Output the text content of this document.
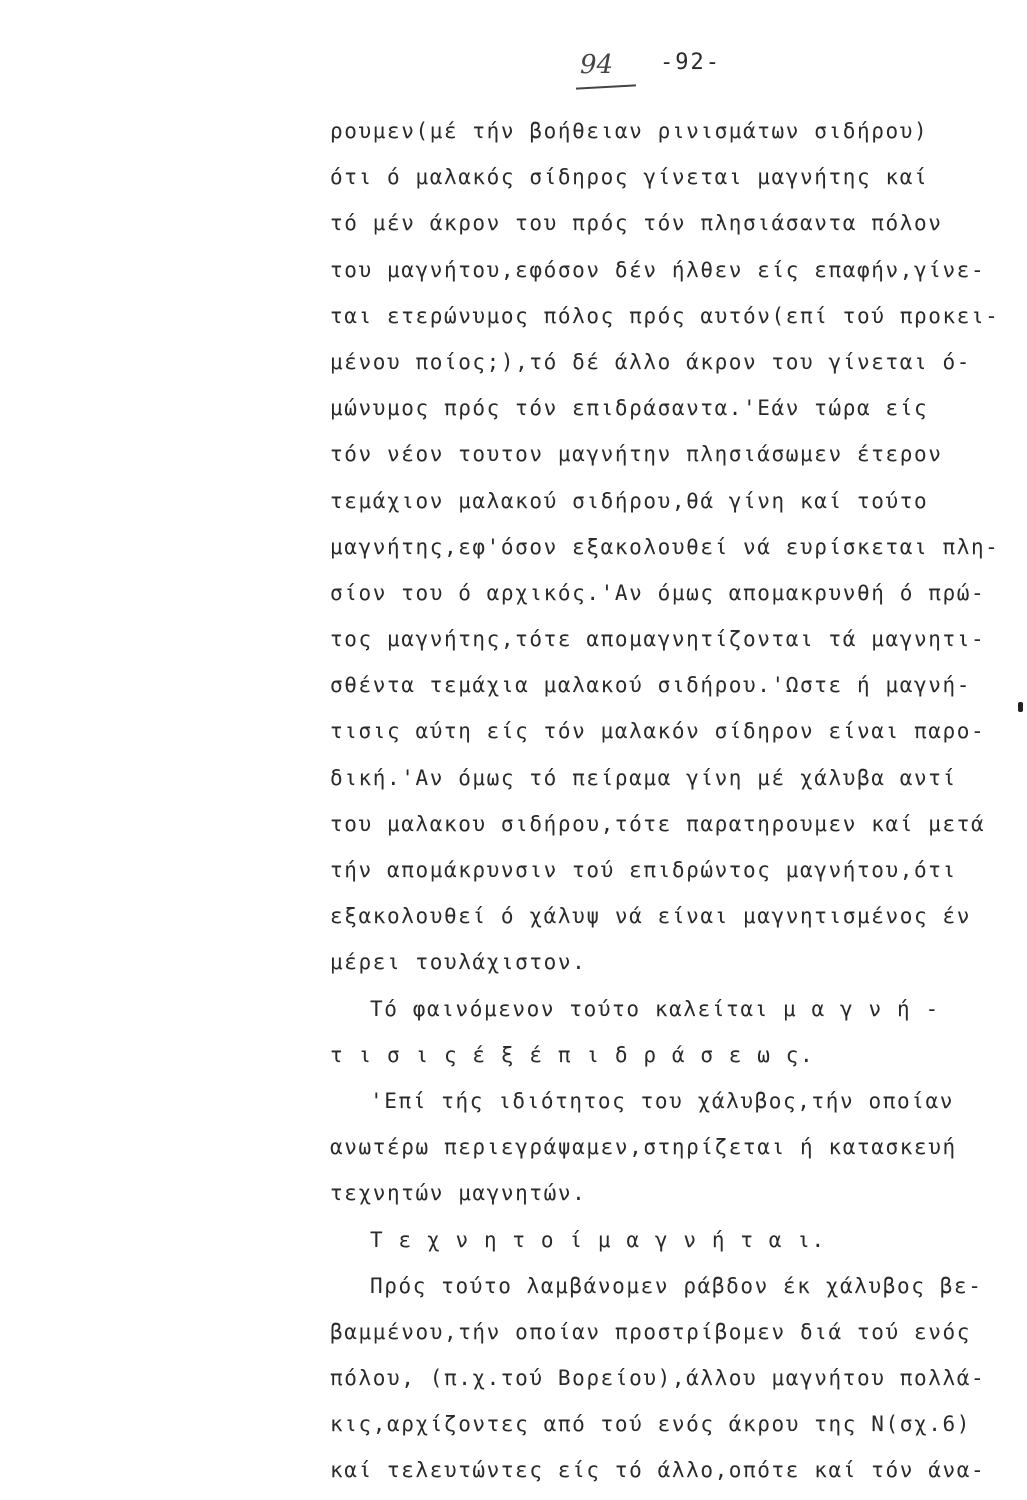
94 -92-
ρουμεν(μέ τήν βοήθειαν ρινισμάτων σιδήρου)
ότι ό μαλακός σίδηρος γίνεται μαγνήτης καί
τό μέν άκρον του πρός τόν πλησιάσαντα πόλον
του μαγνήτου,εφόσον δέν ήλθεν είς επαφήν,γίνε-
ται ετερώνυμος πόλος πρός αυτόν(επί τού προκει-
μένου ποίος;),τό δέ άλλο άκρον του γίνεται ό-
μώνυμος πρός τόν επιδράσαντα.'Εάν τώρα είς
τόν νέον τουτον μαγνήτην πλησιάσωμεν έτερον
τεμάχιον μαλακού σιδήρου,θά γίνη καί τούτο
μαγνήτης,εφ'όσον εξακολουθεί νά ευρίσκεται πλη-
σίον του ό αρχικός.'Αν όμως απομακρυνθή ό πρώ-
τος μαγνήτης,τότε απομαγνητίζονται τά μαγνητι-
σθέντα τεμάχια μαλακού σιδήρου.'Ωστε ή μαγνή-
τισις αύτη είς τόν μαλακόν σίδηρον είναι παρο-
δική.'Αν όμως τό πείραμα γίνη μέ χάλυβα αντί
του μαλακου σιδήρου,τότε παρατηρουμεν καί μετά
τήν απομάκρυνσιν τού επιδρώντος μαγνήτου,ότι
εξακολουθεί ό χάλυψ νά είναι μαγνητισμένος έν
μέρει τουλάχιστον.
Τό φαινόμενον τούτο καλείται μ α γ ν ή -
τ ι σ ι ς έ ξ έ π ι δ ρ ά σ ε ω ς.
'Επί τής ιδιότητος του χάλυβος,τήν οποίαν
ανωτέρω περιεγράψαμεν,στηρίζεται ή κατασκευή
τεχνητών μαγνητών.
Τ ε χ ν η τ ο ί μ α γ ν ή τ α ι.
Πρός τούτο λαμβάνομεν ράβδον έκ χάλυβος βε-
βαμμένου,τήν οποίαν προστρίβομεν διά τού ενός
πόλου, (π.χ.τού Βορείου),άλλου μαγνήτου πολλά-
κις,αρχίζοντες από τού ενός άκρου της Ν(σχ.6)
καί τελευτώντες είς τό άλλο,οπότε καί τόν άνα-
